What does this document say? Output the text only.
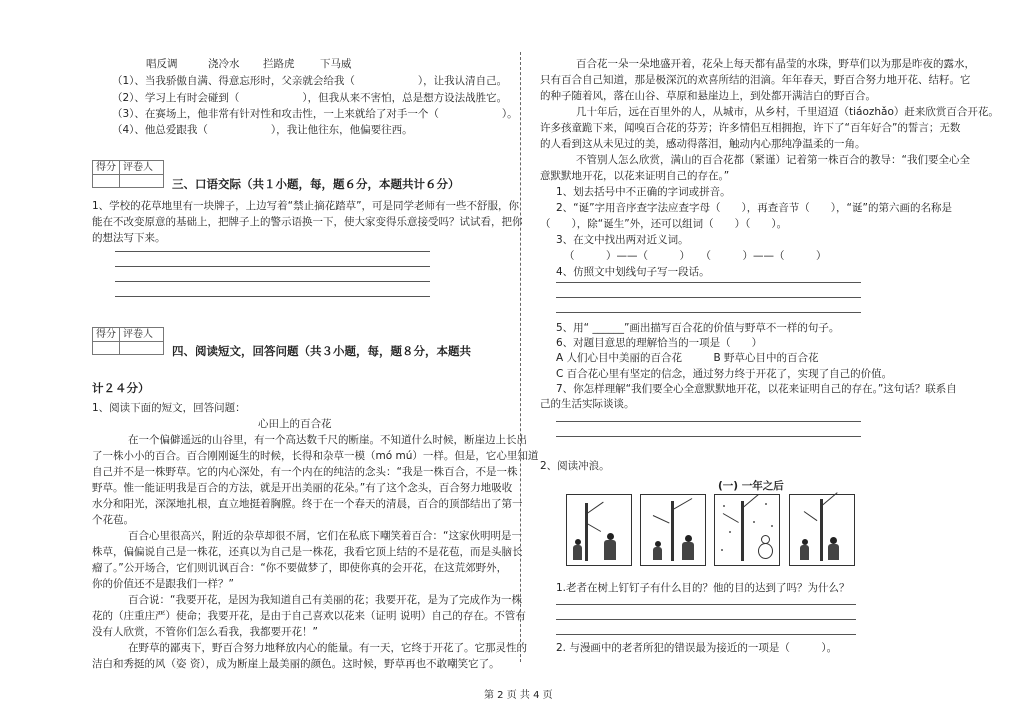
唱反调	浇冷水 拦路虎 下马威
（1）、当我骄傲自满、得意忘形时，父亲就会给我（　　　　　　），让我认清自己。
（2）、学习上有时会碰到（　　　　　　），但我从来不害怕，总是想方设法战胜它。
（3）、在赛场上，他非常有针对性和攻击性，一上来就给了对手一个（　　　　　　）。
（4）、他总爱跟我（　　　　　　），我让他往东，他偏要往西。
得分 评卷人
三、口语交际（共１小题，每，题６分，本题共计６分）
1、学校的花草地里有一块牌子，上边写着“禁止摘花踏草”，可是同学老师有一些不舒服，你
能在不改变原意的基础上，把牌子上的警示语换一下，使大家变得乐意接受吗？试试看，把你
的想法写下来。
得分 评卷人
四、阅读短文，回答问题（共３小题，每，题８分，本题共
计２４分）
1、阅读下面的短文，回答问题：
心田上的百合花
在一个偏僻遥远的山谷里，有一个高达数千尺的断崖。不知道什么时候，断崖边上长出
了一株小小的百合。百合刚刚诞生的时候，长得和杂草一模（mó mú）一样。但是，它心里知道
自己并不是一株野草。它的内心深处，有一个内在的纯洁的念头：“我是一株百合，不是一株
野草。惟一能证明我是百合的方法，就是开出美丽的花朵。”有了这个念头，百合努力地吸收
水分和阳光，深深地扎根，直立地挺着胸膛。终于在一个春天的清晨，百合的顶部结出了第一
个花苞。
百合心里很高兴，附近的杂草却很不屑，它们在私底下嘲笑着百合：“这家伙明明是一
株草，偏偏说自己是一株花，还真以为自己是一株花，我看它顶上结的不是花苞，而是头脑长
瘤了。”公开场合，它们则讥讽百合：“你不要做梦了，即使你真的会开花，在这荒郊野外，
你的价值还不是跟我们一样？”
百合说：“我要开花，是因为我知道自己有美丽的花；我要开花，是为了完成作为一株
花的（庄重庄严）使命；我要开花，是由于自己喜欢以花来（证明 说明）自己的存在。不管有
没有人欣赏，不管你们怎么看我，我都要开花！”
在野草的鄙夷下，野百合努力地释放内心的能量。有一天，它终于开花了。它那灵性的
洁白和秀挺的风（姿 资），成为断崖上最美丽的颜色。这时候，野草再也不敢嘲笑它了。
百合花一朵一朵地盛开着，花朵上每天都有晶莹的水珠，野草们以为那是昨夜的露水，
只有百合自己知道，那是极深沉的欢喜所结的泪滴。年年春天，野百合努力地开花、结籽。它
的种子随着风，落在山谷、草原和悬崖边上，到处都开满洁白的野百合。
几十年后，远在百里外的人，从城市，从乡村，千里迢迢（tiáozhǎo）赶来欣赏百合开花。
许多孩童跪下来，闻嗅百合花的芬芳；许多情侣互相拥抱，许下了“百年好合”的誓言；无数
的人看到这从未见过的美，感动得落泪，触动内心那纯净温柔的一角。
不管别人怎么欣赏，满山的百合花都（紧谨）记着第一株百合的教导：“我们要全心全
意默默地开花，以花来证明自己的存在。”
1、划去括号中不正确的字词或拼音。
2、“诞”字用音序查字法应查字母（　　），再查音节（　　），“诞”的第六画的名称是
（　　），除“诞生”外，还可以组词（　　）（　　）。
3、在文中找出两对近义词。
（　　　）——（　　　）　　（　　　）——（　　　）
4、仿照文中划线句子写一段话。
5、用“ ______”画出描写百合花的价值与野草不一样的句子。
6、对题目意思的理解恰当的一项是（　　）
A 人们心目中美丽的百合花　　　B 野草心目中的百合花
C 百合花心里有坚定的信念，通过努力终于开花了，实现了自己的价值。
7、你怎样理解“我们要全心全意默默地开花，以花来证明自己的存在。”这句话？联系自
己的生活实际谈谈。
2、阅读冲浪。
(一) 一年之后
1.老者在树上钉钉子有什么目的？他的目的达到了吗？为什么？
2. 与漫画中的老者所犯的错误最为接近的一项是（　　　）。
第 2 页 共 4 页
